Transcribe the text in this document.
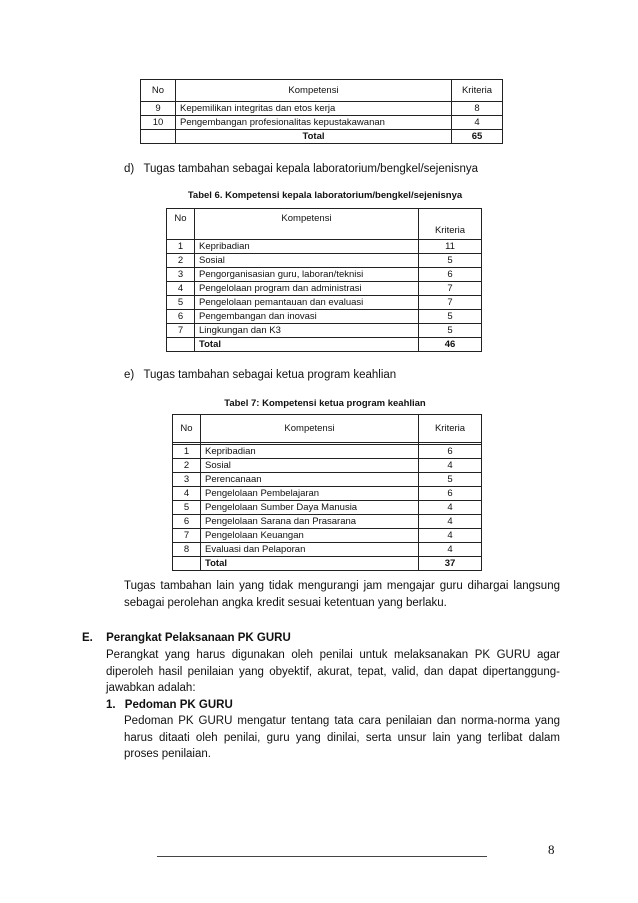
No	Kompetensi	Kriteria
9	Kepemilikan integritas dan etos kerja	8
10	Pengembangan profesionalitas kepustakawanan	4
	Total	65
d) Tugas tambahan sebagai kepala laboratorium/bengkel/sejenisnya
Tabel 6. Kompetensi kepala laboratorium/bengkel/sejenisnya
No	Kompetensi	Kriteria
1	Kepribadian	11
2	Sosial	5
3	Pengorganisasian guru, laboran/teknisi	6
4	Pengelolaan program dan administrasi	7
5	Pengelolaan pemantauan dan evaluasi	7
6	Pengembangan dan inovasi	5
7	Lingkungan dan K3	5
	Total	46
e) Tugas tambahan sebagai ketua program keahlian
Tabel 7: Kompetensi ketua program keahlian
No	Kompetensi	Kriteria

1	Kepribadian	6
2	Sosial	4
3	Perencanaan	5
4	Pengelolaan Pembelajaran	6
5	Pengelolaan Sumber Daya Manusia	4
6	Pengelolaan Sarana dan Prasarana	4
7	Pengelolaan Keuangan	4
8	Evaluasi dan Pelaporan	4
	Total	37
Tugas tambahan lain yang tidak mengurangi jam mengajar guru dihargai langsung
sebagai perolehan angka kredit sesuai ketentuan yang berlaku.
E. Perangkat Pelaksanaan PK GURU
Perangkat yang harus digunakan oleh penilai untuk melaksanakan PK GURU agar
diperoleh hasil penilaian yang obyektif, akurat, tepat, valid, dan dapat dipertanggung-
jawabkan adalah:
1. Pedoman PK GURU
Pedoman PK GURU mengatur tentang tata cara penilaian dan norma-norma yang
harus ditaati oleh penilai, guru yang dinilai, serta unsur lain yang terlibat dalam
proses penilaian.
8
